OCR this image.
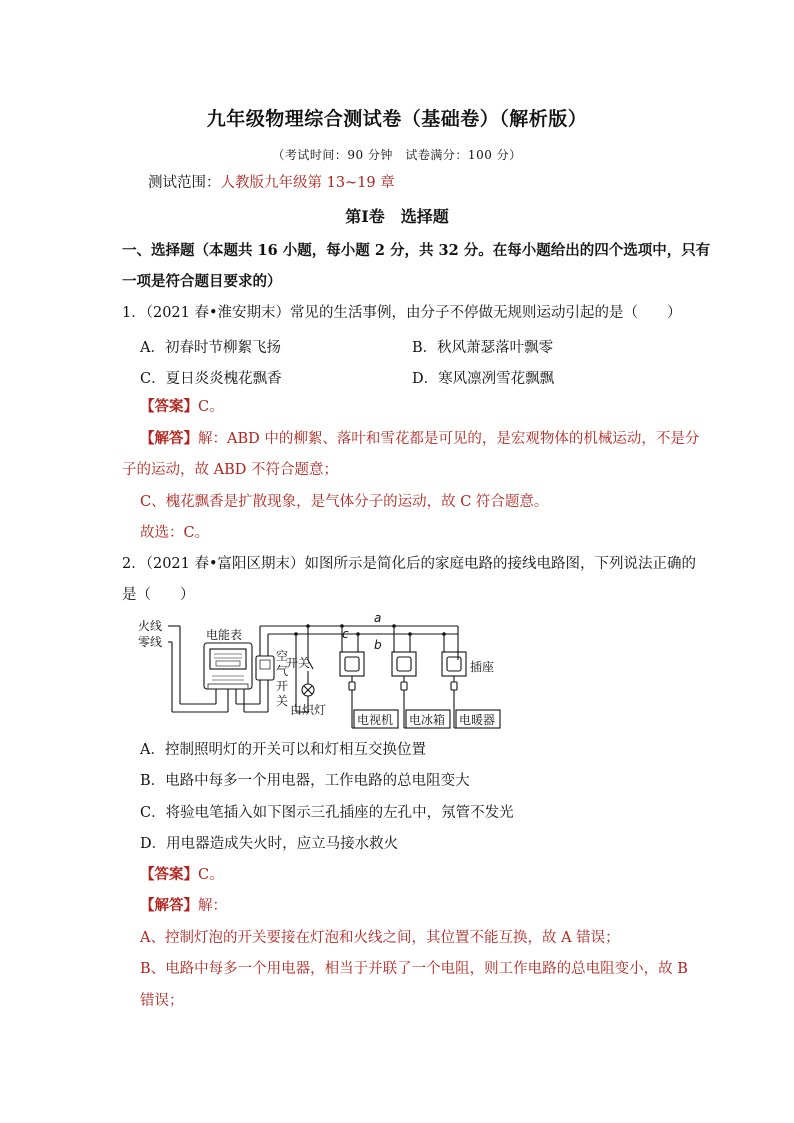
九年级物理综合测试卷（基础卷）（解析版）
（考试时间：90 分钟　试卷满分：100 分）
测试范围：人教版九年级第 13~19 章
第Ⅰ卷　选择题
一、选择题（本题共 16 小题，每小题 2 分，共 32 分。在每小题给出的四个选项中，只有
一项是符合题目要求的）
1．（2021 春•淮安期末）常见的生活事例，由分子不停做无规则运动引起的是（　　）
A．初春时节柳絮飞扬	B．秋风萧瑟落叶飘零
C．夏日炎炎槐花飘香	D．寒风凛冽雪花飘飘
【答案】C。
【解答】解：ABD 中的柳絮、落叶和雪花都是可见的，是宏观物体的机械运动，不是分
子的运动，故 ABD 不符合题意；
C、槐花飘香是扩散现象，是气体分子的运动，故 C 符合题意。
故选：C。
2．（2021 春•富阳区期末）如图所示是简化后的家庭电路的接线电路图，下列说法正确的
是（　　）
火线
零线	电能表
空
气
开
关
开关
白炽灯
插座
电视机 电冰箱 电暖器
a
b
c
A．控制照明灯的开关可以和灯相互交换位置
B．电路中每多一个用电器，工作电路的总电阻变大
C．将验电笔插入如下图示三孔插座的左孔中，氖管不发光
D．用电器造成失火时，应立马接水救火
【答案】C。
【解答】解：
A、控制灯泡的开关要接在灯泡和火线之间，其位置不能互换，故 A 错误；
B、电路中每多一个用电器，相当于并联了一个电阻，则工作电路的总电阻变小，故 B
错误；
